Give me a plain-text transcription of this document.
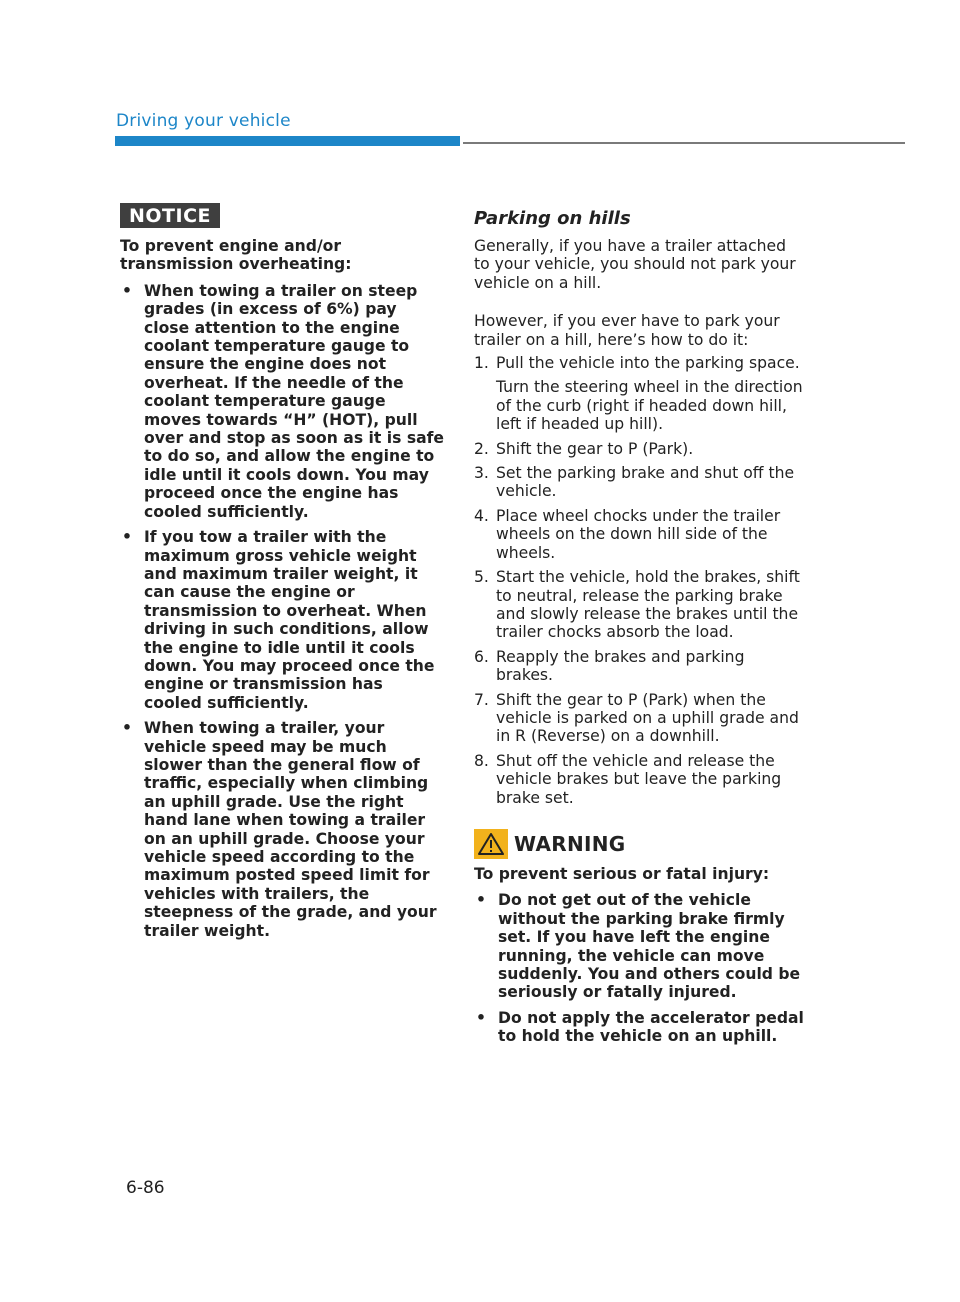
Driving your vehicle
NOTICE

To prevent engine and/or transmission overheating:

• When towing a trailer on steep grades (in excess of 6%) pay close attention to the engine coolant temperature gauge to ensure the engine does not overheat. If the needle of the coolant temperature gauge moves towards “H” (HOT), pull over and stop as soon as it is safe to do so, and allow the engine to idle until it cools down. You may proceed once the engine has cooled sufficiently.
• If you tow a trailer with the maximum gross vehicle weight and maximum trailer weight, it can cause the engine or transmission to overheat. When driving in such conditions, allow the engine to idle until it cools down. You may proceed once the engine or transmission has cooled sufficiently.
• When towing a trailer, your vehicle speed may be much slower than the general flow of traffic, especially when climbing an uphill grade. Use the right hand lane when towing a trailer on an uphill grade. Choose your vehicle speed according to the maximum posted speed limit for vehicles with trailers, the steepness of the grade, and your trailer weight.
Parking on hills

Generally, if you have a trailer attached to your vehicle, you should not park your vehicle on a hill.

However, if you ever have to park your trailer on a hill, here’s how to do it:

1. Pull the vehicle into the parking space.
Turn the steering wheel in the direction of the curb (right if headed down hill, left if headed up hill).
2. Shift the gear to P (Park).
3. Set the parking brake and shut off the vehicle.
4. Place wheel chocks under the trailer wheels on the down hill side of the wheels.
5. Start the vehicle, hold the brakes, shift to neutral, release the parking brake and slowly release the brakes until the trailer chocks absorb the load.
6. Reapply the brakes and parking brakes.
7. Shift the gear to P (Park) when the vehicle is parked on a uphill grade and in R (Reverse) on a downhill.
8. Shut off the vehicle and release the vehicle brakes but leave the parking brake set.
WARNING

To prevent serious or fatal injury:

• Do not get out of the vehicle without the parking brake firmly set. If you have left the engine running, the vehicle can move suddenly. You and others could be seriously or fatally injured.
• Do not apply the accelerator pedal to hold the vehicle on an uphill.
6-86
